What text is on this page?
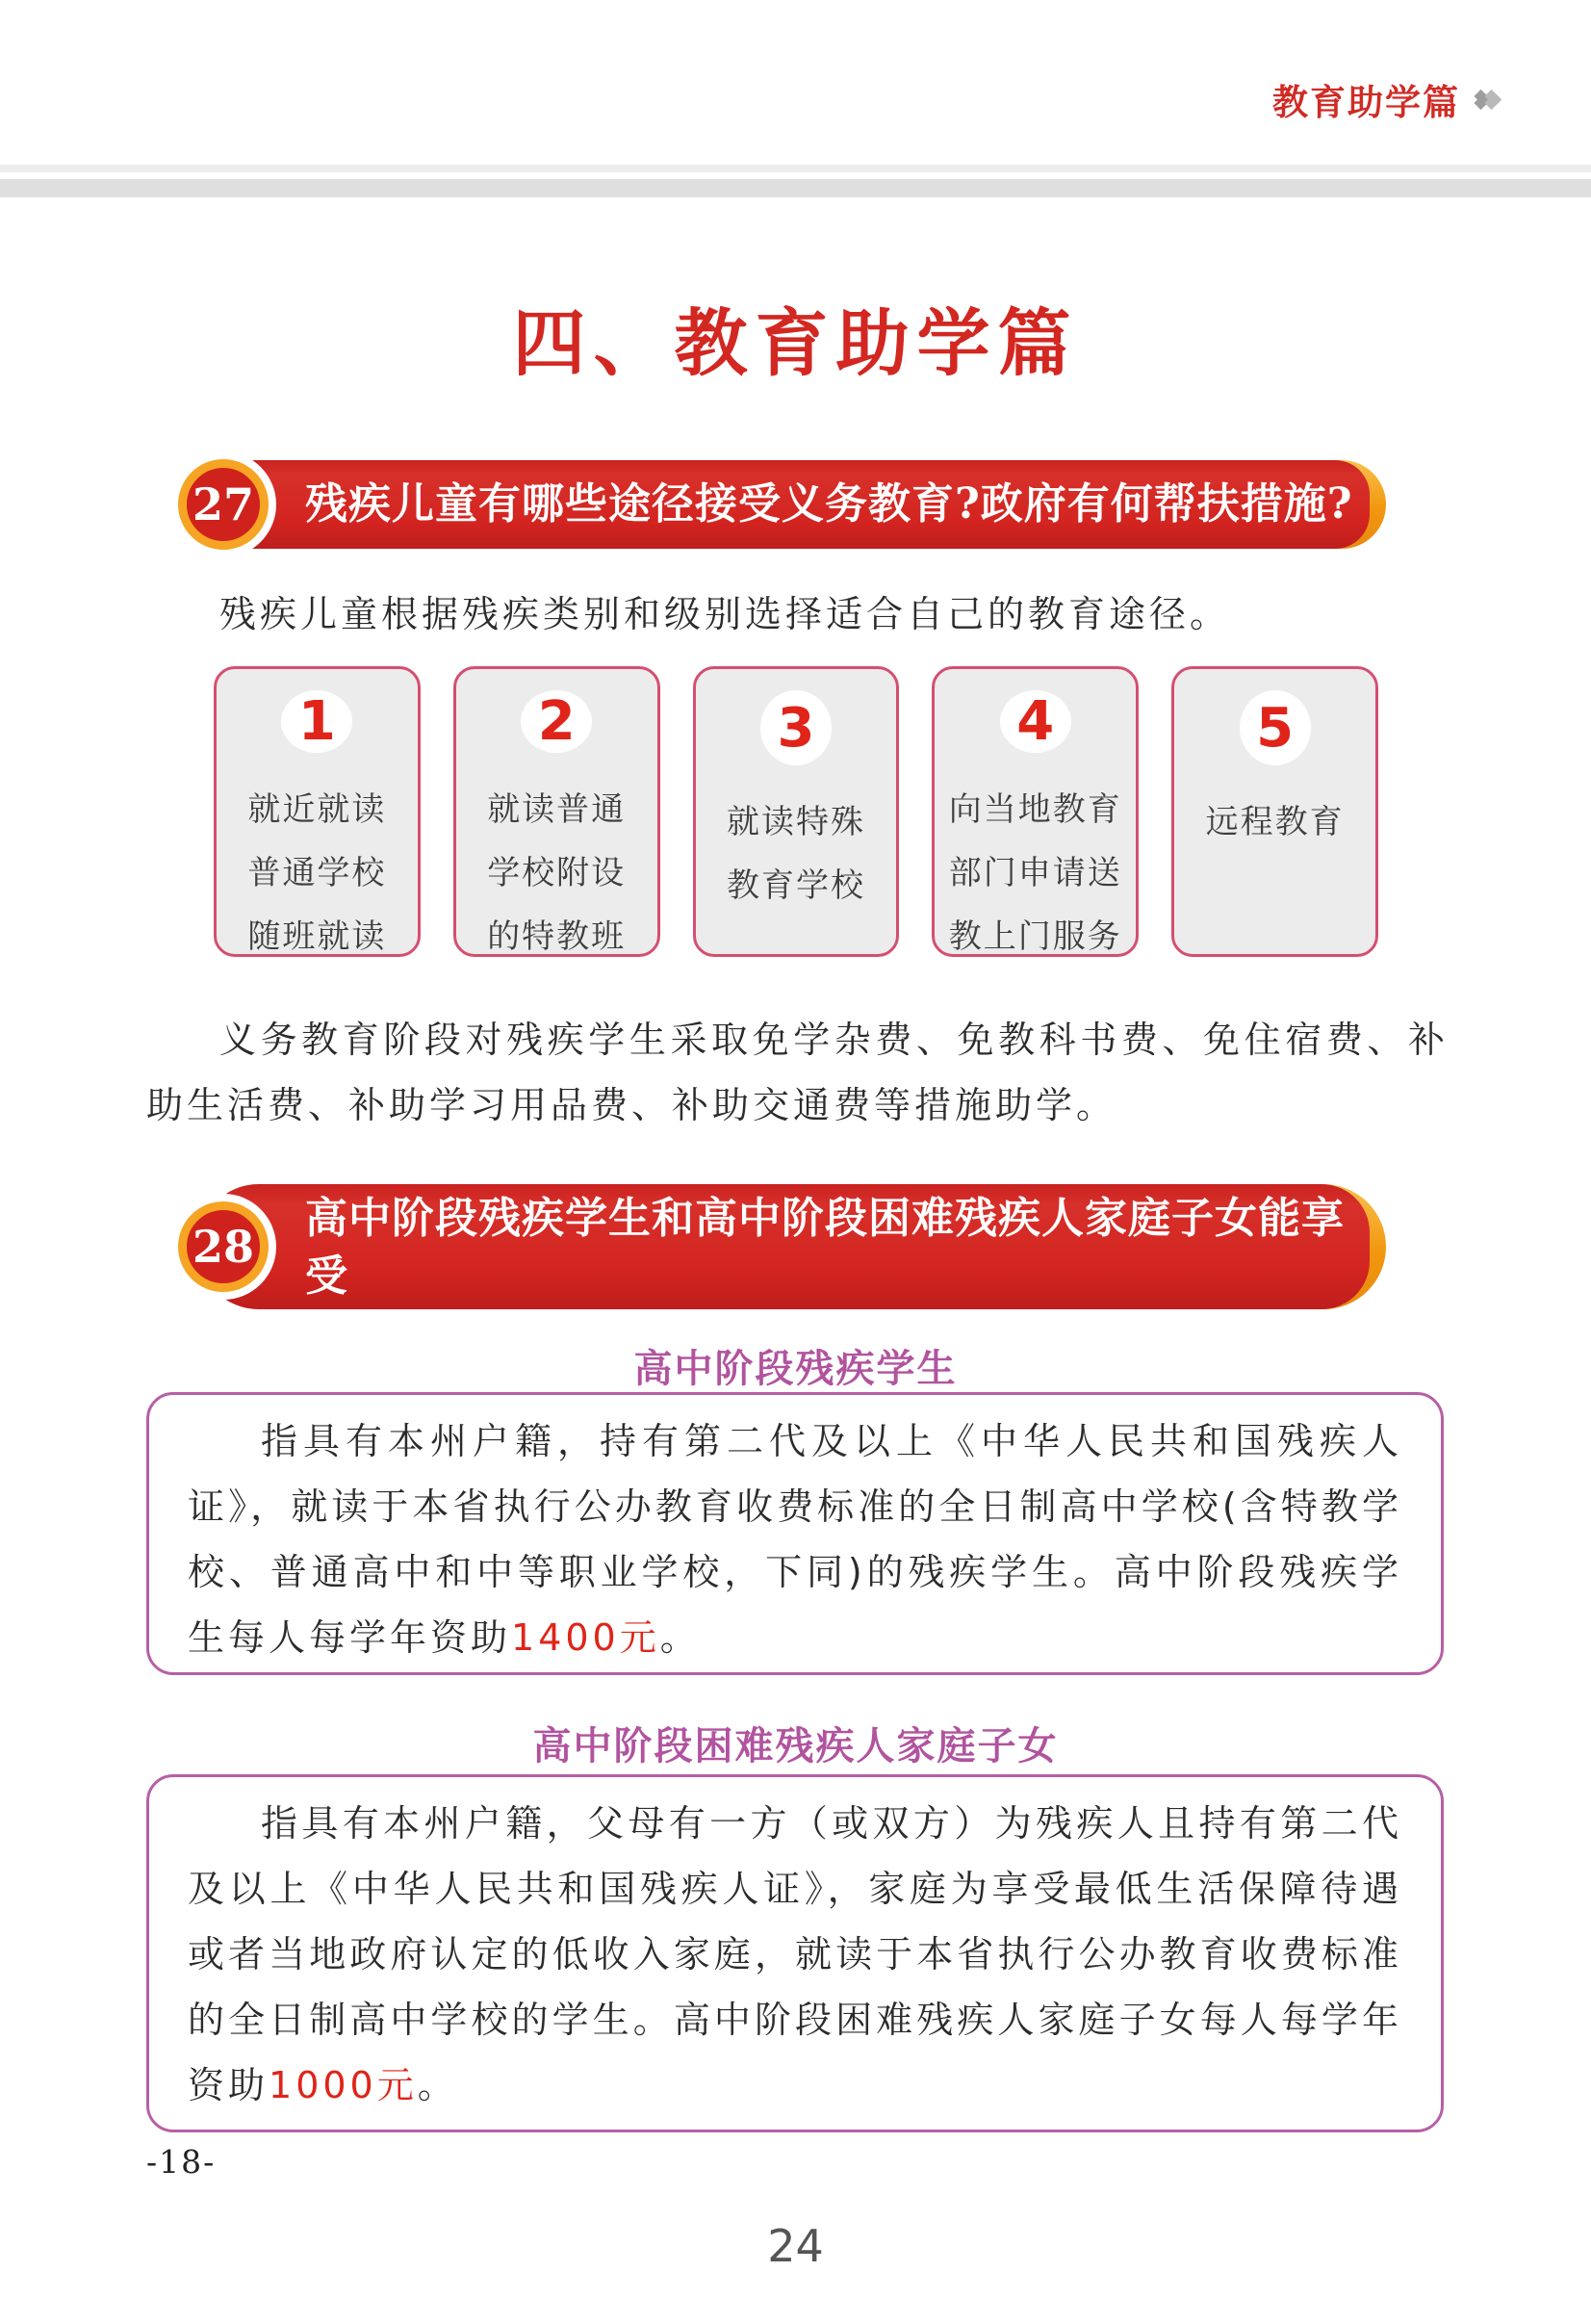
教育助学篇
四、教育助学篇
27	残疾儿童有哪些途径接受义务教育?政府有何帮扶措施?

残疾儿童根据残疾类别和级别选择适合自己的教育途径。

1
就近就读
普通学校
随班就读
2
就读普通
学校附设
的特教班
3
就读特殊
教育学校
4
向当地教育
部门申请送
教上门服务
5
远程教育

义务教育阶段对残疾学生采取免学杂费、免教科书费、免住宿费、补助生活费、补助学习用品费、补助交通费等措施助学。

28
高中阶段残疾学生和高中阶段困难残疾人家庭子女能享受
哪些教育资助？如何申报？
高中阶段残疾学生

指具有本州户籍，持有第二代及以上《中华人民共和国残疾人证》，就读于本省执行公办教育收费标准的全日制高中学校(含特教学校、普通高中和中等职业学校，下同)的残疾学生。高中阶段残疾学生每人每学年资助1400元。

高中阶段困难残疾人家庭子女

指具有本州户籍，父母有一方（或双方）为残疾人且持有第二代及以上《中华人民共和国残疾人证》，家庭为享受最低生活保障待遇或者当地政府认定的低收入家庭，就读于本省执行公办教育收费标准的全日制高中学校的学生。高中阶段困难残疾人家庭子女每人每学年资助1000元。

-18-
24
